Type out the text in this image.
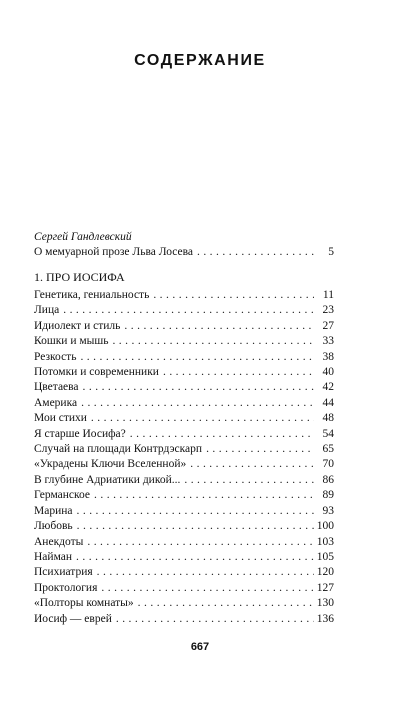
СОДЕРЖАНИЕ
Сергей Гандлевский
О мемуарной прозе Льва Лосева . . .	5
1. ПРО ИОСИФА
Генетика, гениальность . . .	11
Лица . . .	23
Идиолект и стиль . . .	27
Кошки и мышь . . .	33
Резкость . . .	38
Потомки и современники . . .	40
Цветаева . . .	42
Америка . . .	44
Мои стихи . . .	48
Я старше Иосифа? . . .	54
Случай на площади Контрдэскарп . . .	65
«Украдены Ключи Вселенной» . . .	70
В глубине Адриатики дикой... . . .	86
Германское . . .	89
Марина . . .	93
Любовь . . .	100
Анекдоты . . .	103
Найман . . .	105
Психиатрия . . .	120
Проктология . . .	127
«Полторы комнаты» . . .	130
Иосиф — еврей . . .	136
667
